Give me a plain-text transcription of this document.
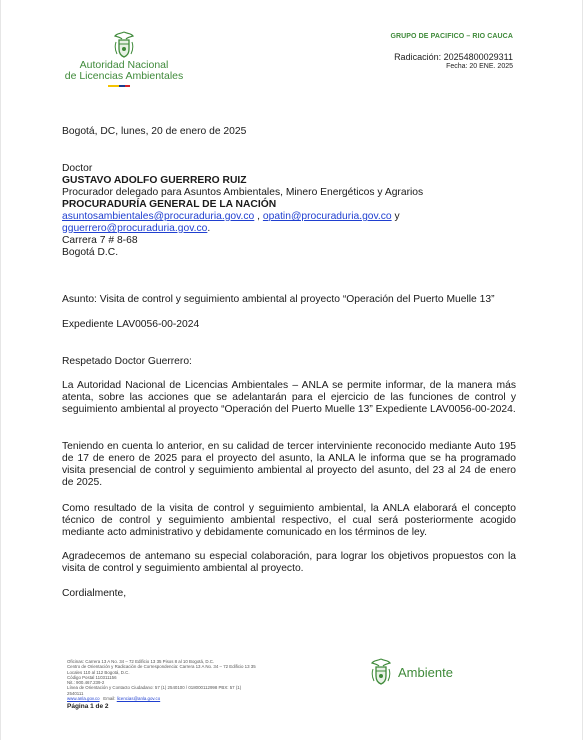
Autoridad Nacional
de Licencias Ambientales
GRUPO DE PACIFICO – RIO CAUCA
Radicación: 20254800029311
Fecha: 20 ENE. 2025
Bogotá, DC, lunes, 20 de enero de 2025
Doctor
GUSTAVO ADOLFO GUERRERO RUIZ
Procurador delegado para Asuntos Ambientales, Minero Energéticos y Agrarios
PROCURADURÍA GENERAL DE LA NACIÓN
asuntosambientales@procuraduria.gov.co , opatin@procuraduria.gov.co y
gguerrero@procuraduria.gov.co.
Carrera 7 # 8-68
Bogotá D.C.
Asunto: Visita de control y seguimiento ambiental al proyecto “Operación del Puerto Muelle 13”
Expediente LAV0056-00-2024
Respetado Doctor Guerrero:
La Autoridad Nacional de Licencias Ambientales – ANLA se permite informar, de la manera más atenta, sobre las acciones que se adelantarán para el ejercicio de las funciones de control y seguimiento ambiental al proyecto “Operación del Puerto Muelle 13” Expediente LAV0056-00-2024.
Teniendo en cuenta lo anterior, en su calidad de tercer interviniente reconocido mediante Auto 195 de 17 de enero de 2025 para el proyecto del asunto, la ANLA le informa que se ha programado visita presencial de control y seguimiento ambiental al proyecto del asunto, del 23 al 24 de enero de 2025.
Como resultado de la visita de control y seguimiento ambiental, la ANLA elaborará el concepto técnico de control y seguimiento ambiental respectivo, el cual será posteriormente acogido mediante acto administrativo y debidamente comunicado en los términos de ley.
Agradecemos de antemano su especial colaboración, para lograr los objetivos propuestos con la visita de control y seguimiento ambiental al proyecto.
Cordialmente,
Oficinas: Carrera 13 A No. 34 – 72 Edificio 13 35 Pisos 8 al 10 Bogotá, D.C.
Centro de Orientación y Radicación de Correspondencia: Carrera 13 A No. 34 – 72 Edificio 13 35
Locales 110 al 112 Bogotá, D.C.
Código Postal 110311156
Nit.: 900.467.239-2
Línea de Orientación y Contacto Ciudadano: 57 (1) 2540100 / 018000112998 PBX: 57 (1)
2540111
www.anla.gov.co Email: licencias@anla.gov.co
Página 1 de 2
Ambiente
